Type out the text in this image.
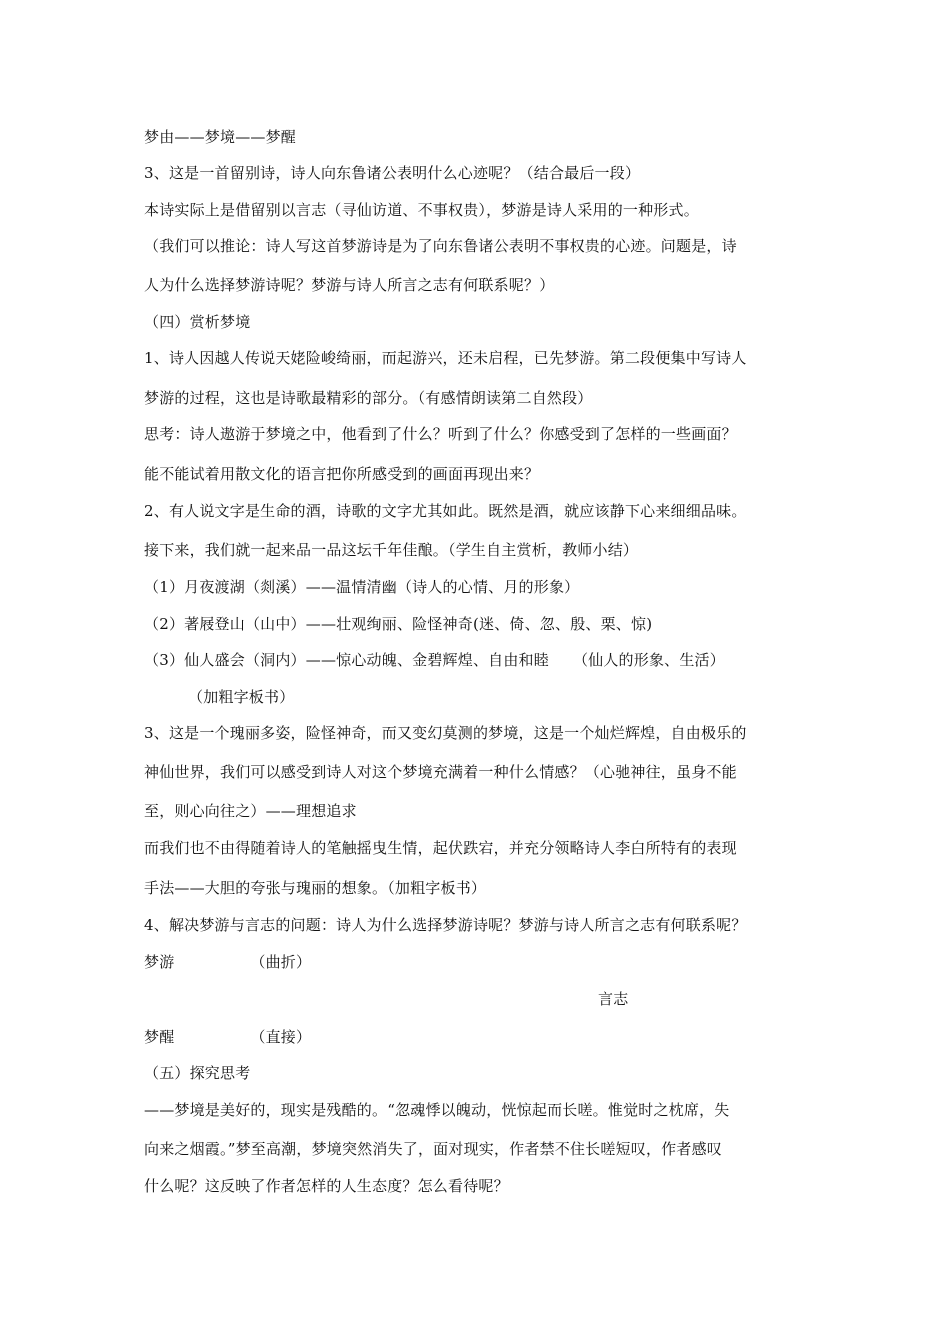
梦由——梦境——梦醒
3、这是一首留别诗，诗人向东鲁诸公表明什么心迹呢？（结合最后一段）
本诗实际上是借留别以言志（寻仙访道、不事权贵），梦游是诗人采用的一种形式。
（我们可以推论：诗人写这首梦游诗是为了向东鲁诸公表明不事权贵的心迹。问题是，诗
人为什么选择梦游诗呢？梦游与诗人所言之志有何联系呢？）
（四）赏析梦境
1、诗人因越人传说天姥险峻绮丽，而起游兴，还未启程，已先梦游。第二段便集中写诗人
梦游的过程，这也是诗歌最精彩的部分。（有感情朗读第二自然段）
思考：诗人遨游于梦境之中，他看到了什么？听到了什么？你感受到了怎样的一些画面？
能不能试着用散文化的语言把你所感受到的画面再现出来？
2、有人说文字是生命的酒，诗歌的文字尤其如此。既然是酒，就应该静下心来细细品味。
接下来，我们就一起来品一品这坛千年佳酿。（学生自主赏析，教师小结）
（1）月夜渡湖（剡溪）——温情清幽（诗人的心情、月的形象）
（2）著屐登山（山中）——壮观绚丽、险怪神奇(迷、倚、忽、殷、栗、惊)
（3）仙人盛会（洞内）——惊心动魄、金碧辉煌、自由和睦 （仙人的形象、生活）
（加粗字板书）
3、这是一个瑰丽多姿，险怪神奇，而又变幻莫测的梦境，这是一个灿烂辉煌，自由极乐的
神仙世界，我们可以感受到诗人对这个梦境充满着一种什么情感？（心驰神往，虽身不能
至，则心向往之）——理想追求
而我们也不由得随着诗人的笔触摇曳生情，起伏跌宕，并充分领略诗人李白所特有的表现
手法——大胆的夸张与瑰丽的想象。（加粗字板书）
4、解决梦游与言志的问题：诗人为什么选择梦游诗呢？梦游与诗人所言之志有何联系呢？
梦游	（曲折）
言志
梦醒	（直接）
（五）探究思考
——梦境是美好的，现实是残酷的。“忽魂悸以魄动，恍惊起而长嗟。惟觉时之枕席，失
向来之烟霞。”梦至高潮，梦境突然消失了，面对现实，作者禁不住长嗟短叹，作者感叹
什么呢？这反映了作者怎样的人生态度？怎么看待呢？
